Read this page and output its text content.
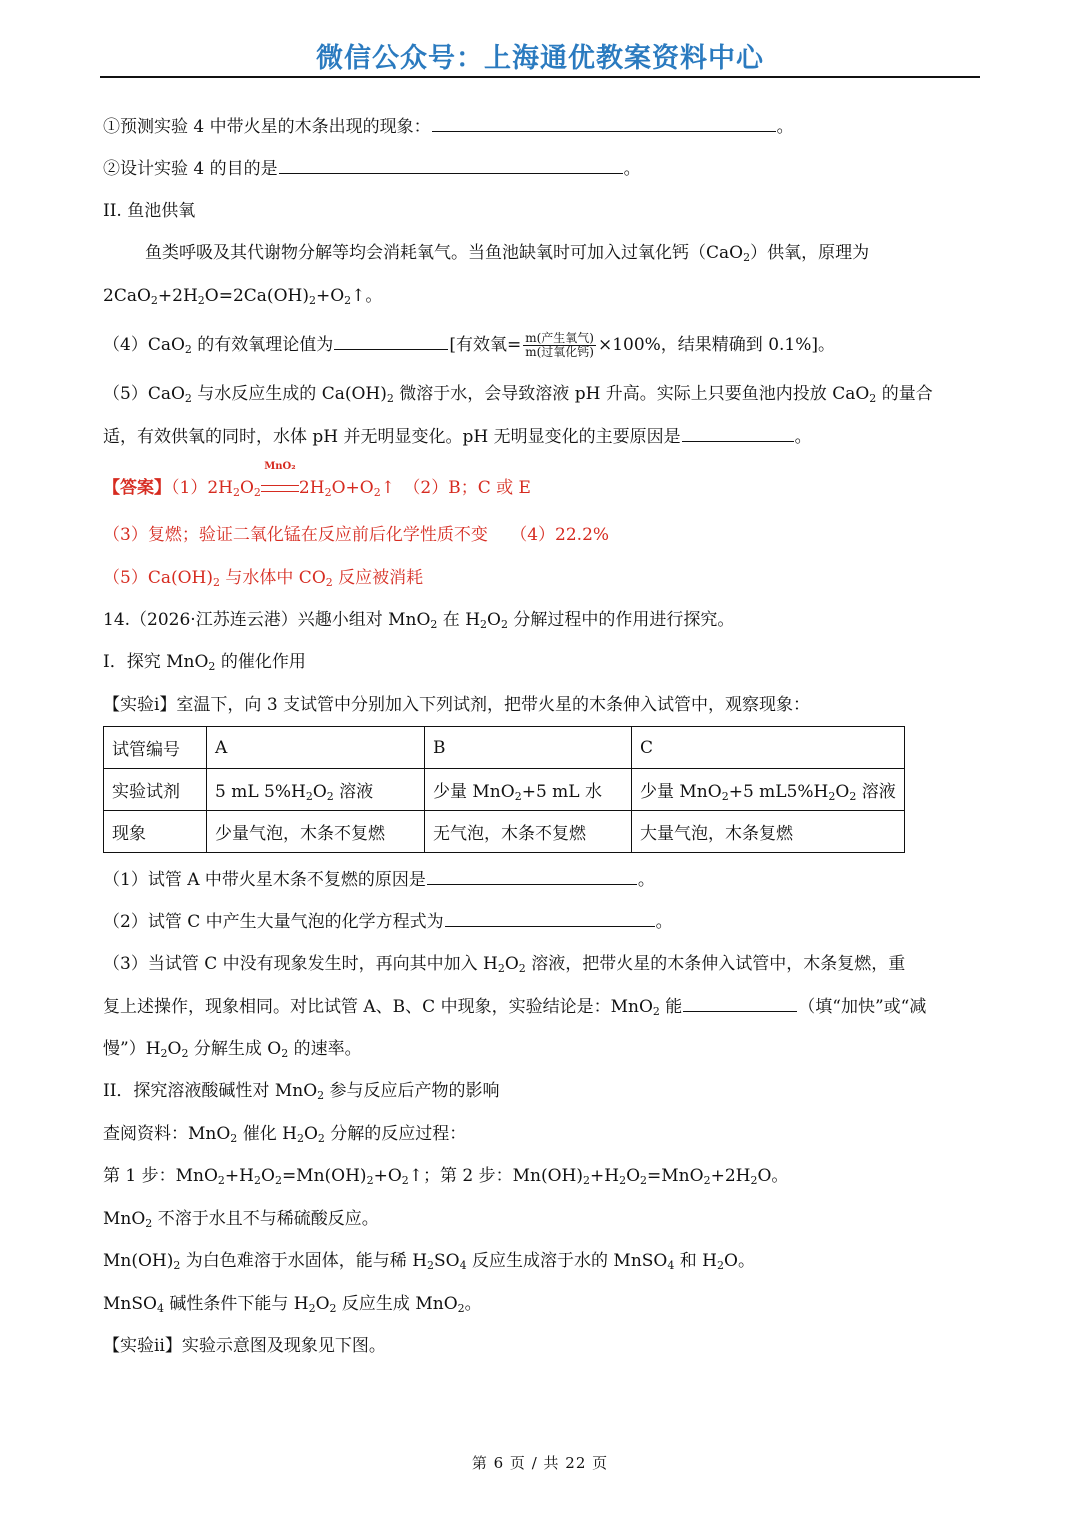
微信公众号：上海通优教案资料中心
①预测实验 4 中带火星的木条出现的现象：	。
②设计实验 4 的目的是	。
II. 鱼池供氧
鱼类呼吸及其代谢物分解等均会消耗氧气。当鱼池缺氧时可加入过氧化钙（CaO$_2$）供氧，原理为
$2CaO_2+2H_2O=2Ca(OH)_2+O_2↑$。
（4）CaO$_2$ 的有效氧理论值为	[有效氧= $\frac{\text{m(产生氧气)}}{\text{m(过氧化钙)}} \times 100\%$，结果精确到 0.1%]。
（5）CaO$_2$ 与水反应生成的 $Ca(OH)_2$ 微溶于水，会导致溶液 pH 升高。实际上只要鱼池内投放 CaO$_2$ 的量合
适，有效供氧的同时，水体 pH 并无明显变化。pH 无明显变化的主要原因是	。
【答案】$(1)2H_2O_2$
MnO₂
$2H_2O+O_2↑$　（2）B；C 或 E
（3）复燃；验证二氧化锰在反应前后化学性质不变　 （4）22.2%
$(5)Ca(OH)_2$ 与水体中 $CO_2$ 反应被消耗
14.（2026·江苏连云港）兴趣小组对 MnO$_2$ 在 $H_2O_2$ 分解过程中的作用进行探究。
I．探究 MnO$_2$ 的催化作用
【实验ⅰ】室温下，向 3 支试管中分别加入下列试剂，把带火星的木条伸入试管中，观察现象：
试管编号	A	B	C
实验试剂	5 mL $5\%H_2O_2$ 溶液	少量 MnO$_2$+5 mL 水	少量 MnO$_2$+5 $mL5\%H_2O_2$ 溶液
现象	少量气泡，木条不复燃	无气泡，木条不复燃	大量气泡，木条复燃
（1）试管 A 中带火星木条不复燃的原因是	。
（2）试管 C 中产生大量气泡的化学方程式为	。
（3）当试管 C 中没有现象发生时，再向其中加入 $H_2O_2$ 溶液，把带火星的木条伸入试管中，木条复燃，重
复上述操作，现象相同。对比试管 A、B、C 中现象，实验结论是：MnO$_2$ 能	（填“加快”或“减
慢$”)H_2O_2$ 分解生成 $O_2$ 的速率。
II．探究溶液酸碱性对 MnO$_2$ 参与反应后产物的影响
查阅资料：MnO$_2$ 催化 $H_2O_2$ 分解的反应过程：
第 1 步：$MnO_2+H_2O_2=Mn(OH)_2+O_2↑$；第 2 步：$Mn(OH)_2+H_2O_2=MnO_2+2H_2O$。
MnO$_2$ 不溶于水且不与稀硫酸反应。
$Mn(OH)_2$ 为白色难溶于水固体，能与稀 $H_2SO_4$ 反应生成溶于水的 MnSO$_4$ 和 $H_2O$。
MnSO$_4$ 碱性条件下能与 $H_2O_2$ 反应生成 MnO$_2$。
【实验ⅱ】实验示意图及现象见下图。
第 6 页 / 共 22 页
